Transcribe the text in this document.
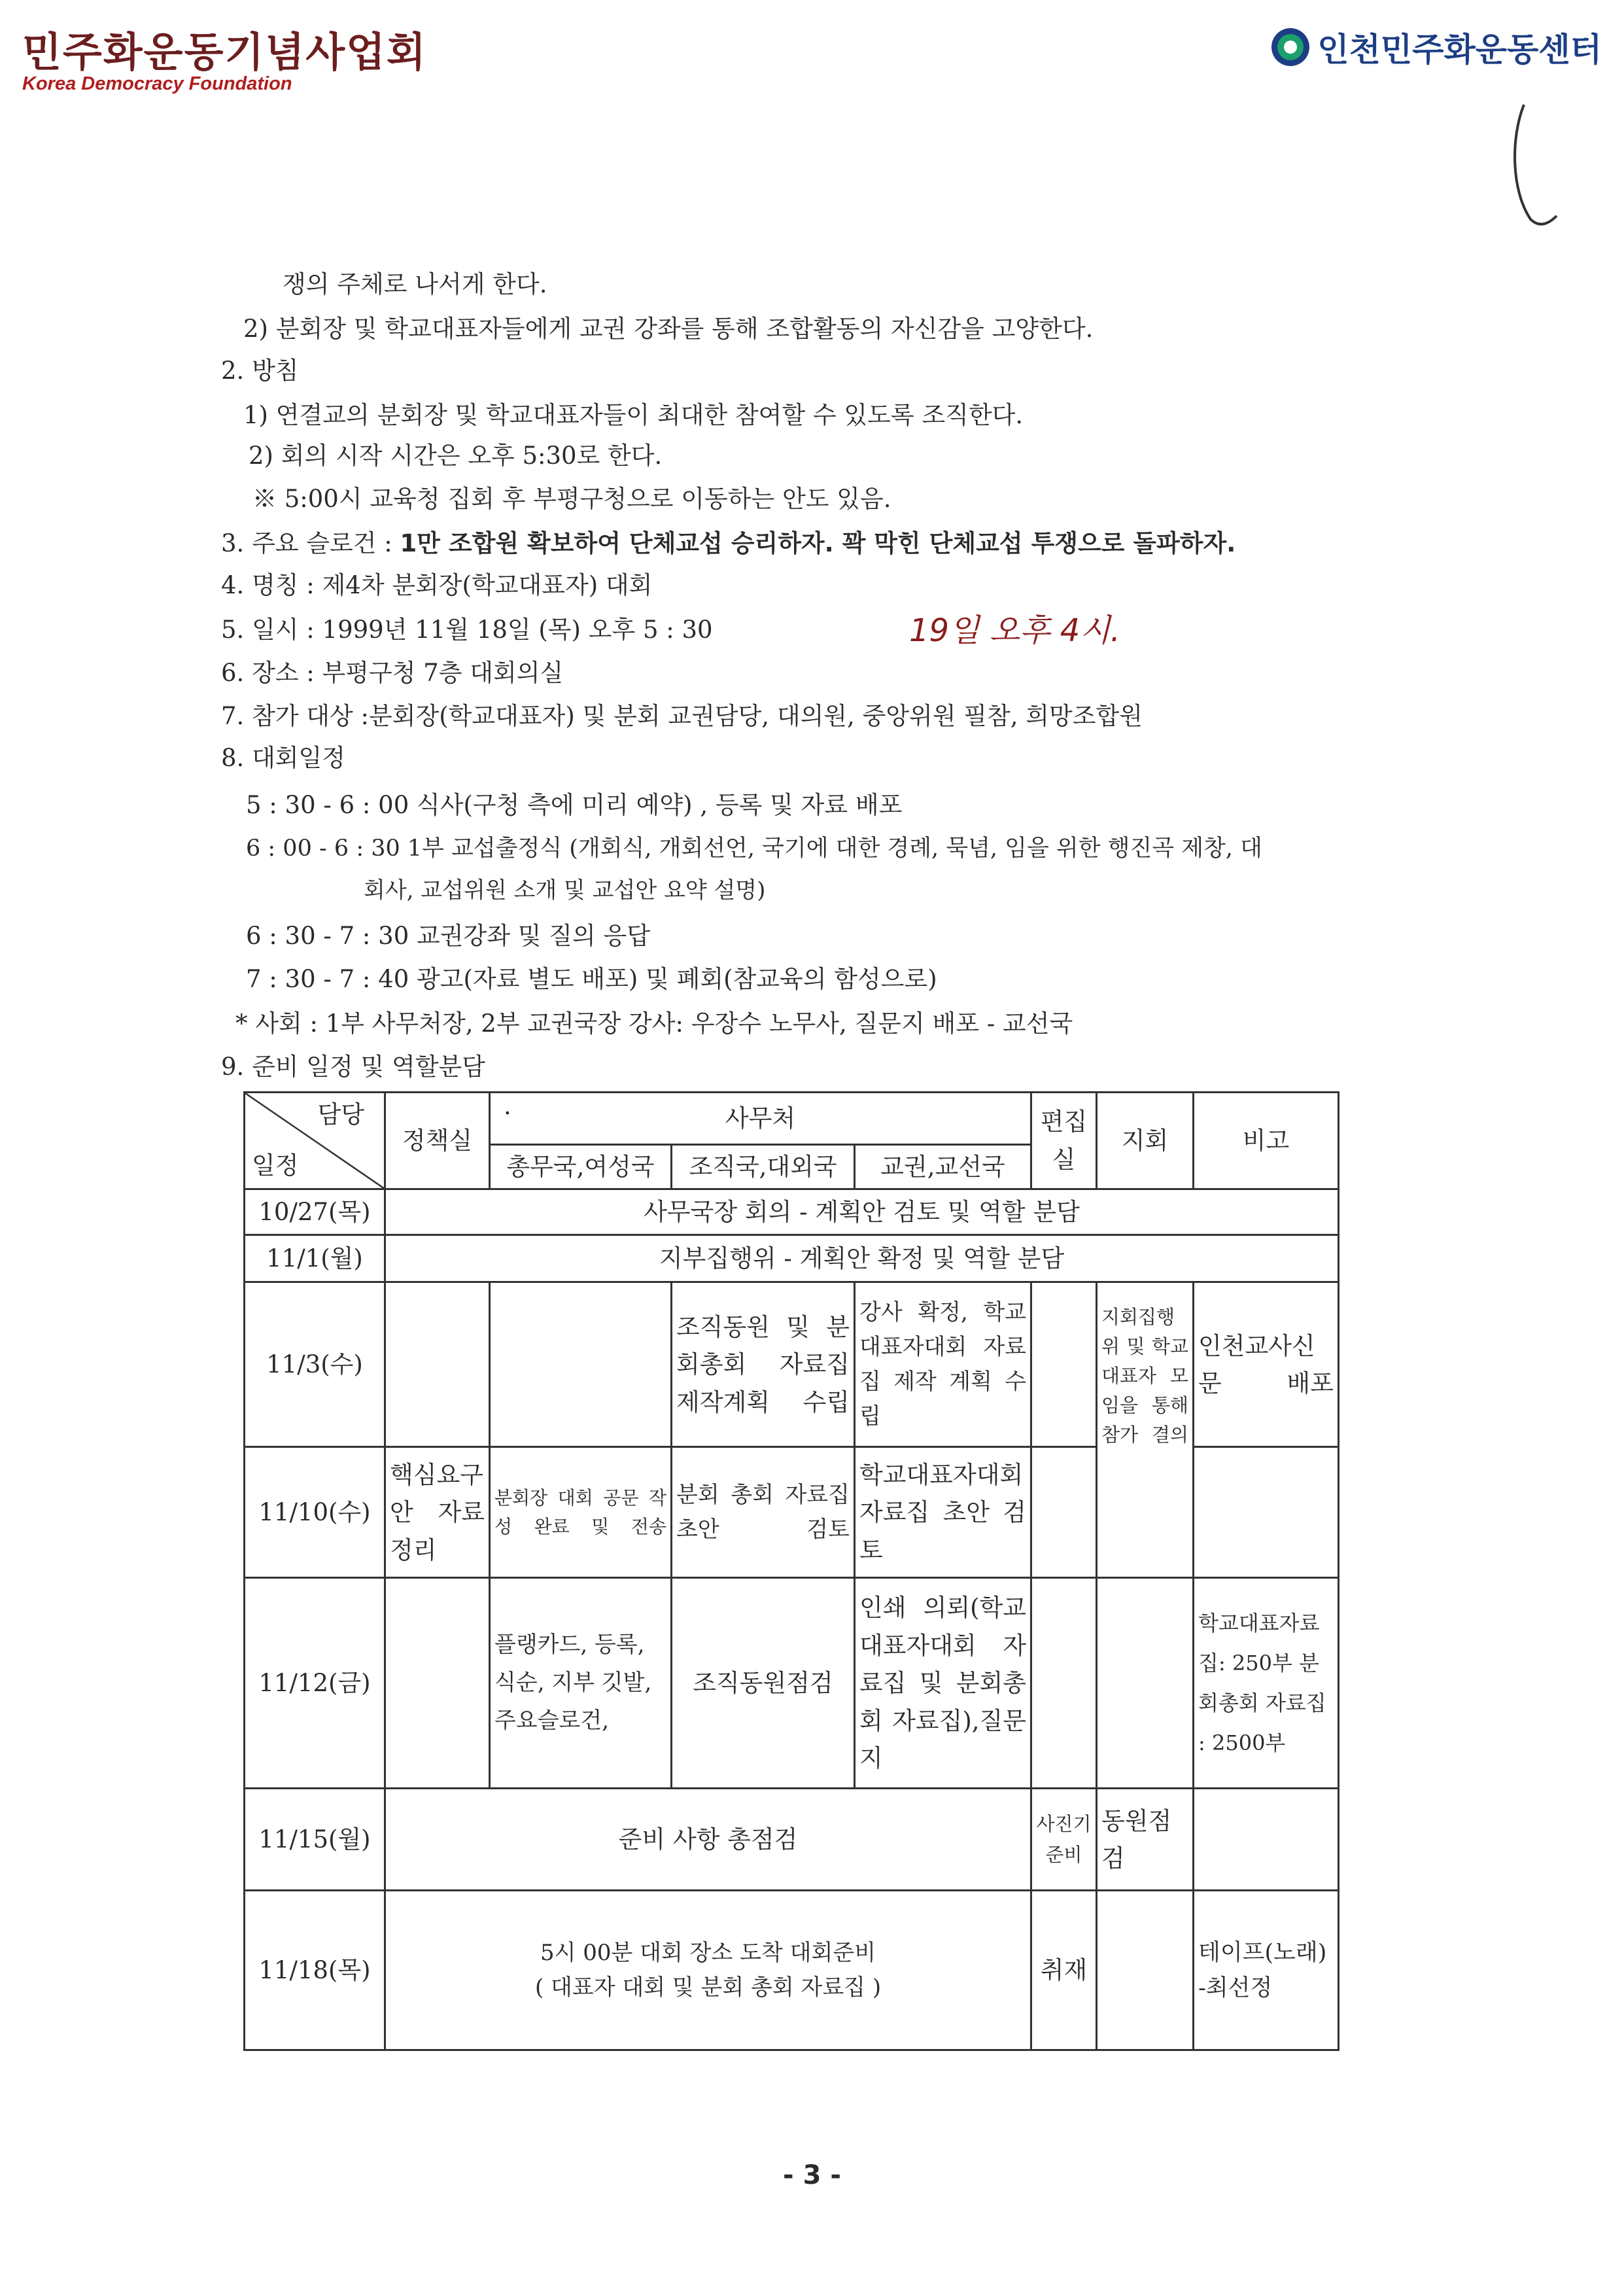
민주화운동기념사업회
Korea Democracy Foundation
인천민주화운동센터
쟁의 주체로 나서게 한다.
2) 분회장 및 학교대표자들에게 교권 강좌를 통해 조합활동의 자신감을 고양한다.
2. 방침
1) 연결교의 분회장 및 학교대표자들이 최대한 참여할 수 있도록 조직한다.
2) 회의 시작 시간은 오후 5:30로 한다.
※ 5:00시 교육청 집회 후 부평구청으로 이동하는 안도 있음.
3. 주요 슬로건 : 1만 조합원 확보하여 단체교섭 승리하자. 꽉 막힌 단체교섭 투쟁으로 돌파하자.
4. 명칭 : 제4차 분회장(학교대표자) 대회
5. 일시 : 1999년 11월 18일 (목) 오후 5 : 30	19일 오후 4시.
6. 장소 : 부평구청 7층 대회의실
7. 참가 대상 :분회장(학교대표자) 및 분회 교권담당, 대의원, 중앙위원 필참, 희망조합원
8. 대회일정
5 : 30 - 6 : 00 식사(구청 측에 미리 예약) , 등록 및 자료 배포
6 : 00 - 6 : 30 1부 교섭출정식 (개회식, 개회선언, 국기에 대한 경례, 묵념, 임을 위한 행진곡 제창, 대
회사, 교섭위원 소개 및 교섭안 요약 설명)
6 : 30 - 7 : 30 교권강좌 및 질의 응답
7 : 30 - 7 : 40 광고(자료 별도 배포) 및 폐회(참교육의 함성으로)
* 사회 : 1부 사무처장, 2부 교권국장 강사: 우장수 노무사, 질문지 배포 - 교선국
9. 준비 일정 및 역할분담
담당
일정	정책실	· 사무처			편집실	지회	비고
		총무국,여성국	조직국,대외국	교권,교선국			
10/27(목)	사무국장 회의 - 계획안 검토 및 역할 분담						
11/1(월)	지부집행위 - 계획안 확정 및 역할 분담						
11/3(수)			조직동원 및 분회총회 자료집 제작계획 수립	강사 확정, 학교대표자대회 자료집 제작 계획 수립		지회집행위 및 학교대표자 모임을 통해 참가 결의	인천교사신문 배포
11/10(수)	핵심요구안 자료 정리	분회장 대회 공문 작성 완료 및 전송	분회 총회 자료집 초안 검토	학교대표자대회 자료집 초안 검토			
11/12(금)		플랭카드, 등록, 식순, 지부 깃발, 주요슬로건,	조직동원점검	인쇄 의뢰(학교대표자대회 자료집 및 분회총회 자료집),질문지			학교대표자료집: 250부 분회총회 자료집 : 2500부
11/15(월)	준비 사항 총점검				사진기준비	동원점검	
11/18(목)	5시 00분 대회 장소 도착 대회준비
( 대표자 대회 및 분회 총회 자료집 )				취재		테이프(노래) -최선정
- 3 -
